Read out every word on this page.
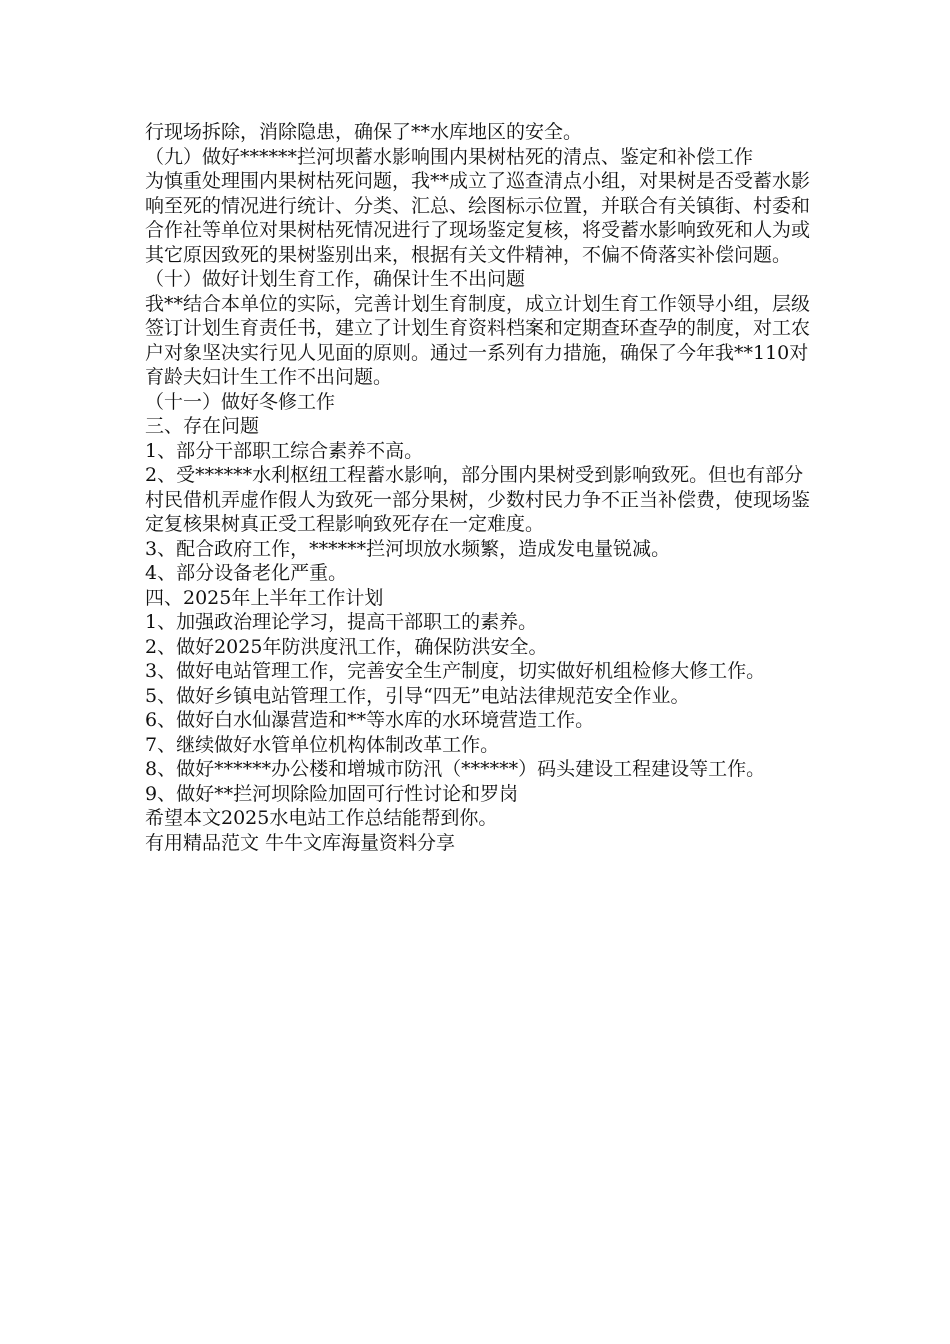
行现场拆除，消除隐患，确保了**水库地区的安全。

（九）做好******拦河坝蓄水影响围内果树枯死的清点、鉴定和补偿工作

为慎重处理围内果树枯死问题，我**成立了巡查清点小组，对果树是否受蓄水影响至死的情况进行统计、分类、汇总、绘图标示位置，并联合有关镇街、村委和合作社等单位对果树枯死情况进行了现场鉴定复核，将受蓄水影响致死和人为或其它原因致死的果树鉴别出来，根据有关文件精神，不偏不倚落实补偿问题。

（十）做好计划生育工作，确保计生不出问题

我**结合本单位的实际，完善计划生育制度，成立计划生育工作领导小组，层级签订计划生育责任书，建立了计划生育资料档案和定期查环查孕的制度，对工农户对象坚决实行见人见面的原则。通过一系列有力措施，确保了今年我**110对育龄夫妇计生工作不出问题。

（十一）做好冬修工作

三、存在问题

1、部分干部职工综合素养不高。

2、受******水利枢纽工程蓄水影响，部分围内果树受到影响致死。但也有部分村民借机弄虚作假人为致死一部分果树，少数村民力争不正当补偿费，使现场鉴定复核果树真正受工程影响致死存在一定难度。

3、配合政府工作，******拦河坝放水频繁，造成发电量锐减。

4、部分设备老化严重。

四、2025年上半年工作计划

1、加强政治理论学习，提高干部职工的素养。

2、做好2025年防洪度汛工作，确保防洪安全。

3、做好电站管理工作，完善安全生产制度，切实做好机组检修大修工作。

5、做好乡镇电站管理工作，引导“四无”电站法律规范安全作业。

6、做好白水仙瀑营造和**等水库的水环境营造工作。

7、继续做好水管单位机构体制改革工作。

8、做好******办公楼和增城市防汛（******）码头建设工程建设等工作。

9、做好**拦河坝除险加固可行性讨论和罗岗

希望本文2025水电站工作总结能帮到你。

有用精品范文 牛牛文库海量资料分享
